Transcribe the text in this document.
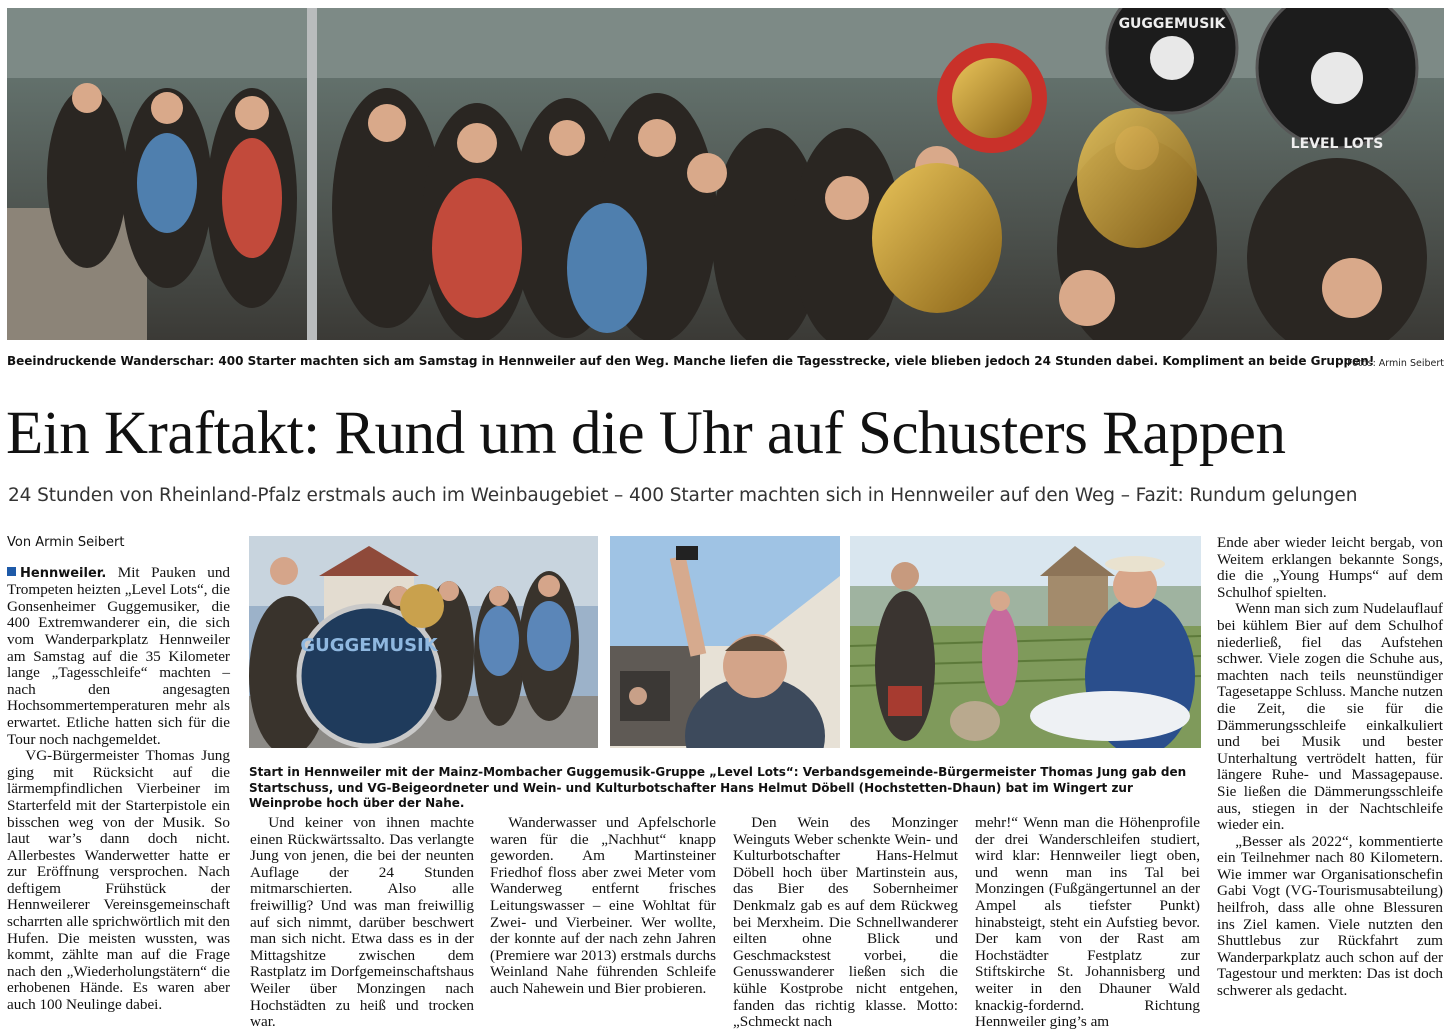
GUGGEMUSIK
LEVEL LOTS
Beeindruckende Wanderschar: 400 Starter machten sich am Samstag in Hennweiler auf den Weg. Manche liefen die Tagesstrecke, viele blieben jedoch 24 Stunden dabei. Kompliment an beide Gruppen!
Fotos: Armin Seibert
Ein Kraftakt: Rund um die Uhr auf Schusters Rappen
24 Stunden von Rheinland-Pfalz erstmals auch im Weinbaugebiet – 400 Starter machten sich in Hennweiler auf den Weg – Fazit: Rundum gelungen
Von Armin Seibert

Hennweiler. Mit Pauken und Trompeten heizten „Level Lots“, die Gonsenheimer Guggemusiker, die 400 Extremwanderer ein, die sich vom Wanderparkplatz Hennweiler am Samstag auf die 35 Kilometer lange „Tagesschleife“ machten – nach den angesagten Hochsommertemperaturen mehr als erwartet. Etliche hatten sich für die Tour noch nachgemeldet.

VG-Bürgermeister Thomas Jung ging mit Rücksicht auf die lärmempfindlichen Vierbeiner im Starterfeld mit der Starterpistole ein bisschen weg von der Musik. So laut war’s dann doch nicht. Allerbestes Wanderwetter hatte er zur Eröffnung versprochen. Nach deftigem Frühstück der Hennweilerer Vereinsgemeinschaft scharrten alle sprichwörtlich mit den Hufen. Die meisten wussten, was kommt, zählte man auf die Frage nach den „Wiederholungstätern“ die erhobenen Hände. Es waren aber auch 100 Neulinge dabei.

GUGGEMUSIK
Start in Hennweiler mit der Mainz-Mombacher Guggemusik-Gruppe „Level Lots“: Verbandsgemeinde-Bürgermeister Thomas Jung gab den Startschuss, und VG-Beigeordneter und Wein- und Kulturbotschafter Hans Helmut Döbell (Hochstetten-Dhaun) bat im Wingert zur Weinprobe hoch über der Nahe.

Und keiner von ihnen machte einen Rückwärtssalto. Das verlangte Jung von jenen, die bei der neunten Auflage der 24 Stunden mitmarschierten. Also alle freiwillig? Und was man freiwillig auf sich nimmt, darüber beschwert man sich nicht. Etwa dass es in der Mittagshitze zwischen dem Rastplatz im Dorfgemeinschaftshaus Weiler über Monzingen nach Hochstädten zu heiß und trocken war.

Wanderwasser und Apfelschorle waren für die „Nachhut“ knapp geworden. Am Martinsteiner Friedhof floss aber zwei Meter vom Wanderweg entfernt frisches Leitungswasser – eine Wohltat für Zwei- und Vierbeiner. Wer wollte, der konnte auf der nach zehn Jahren (Premiere war 2013) erstmals durchs Weinland Nahe führenden Schleife auch Nahewein und Bier probieren.

Den Wein des Monzinger Weinguts Weber schenkte Wein- und Kulturbotschafter Hans-Helmut Döbell hoch über Martinstein aus, das Bier des Sobernheimer Denkmalz gab es auf dem Rückweg bei Merxheim. Die Schnellwanderer eilten ohne Blick und Geschmackstest vorbei, die Genusswanderer ließen sich die kühle Kostprobe nicht entgehen, fanden das richtig klasse. Motto: „Schmeckt nach

mehr!“ Wenn man die Höhenprofile der drei Wanderschleifen studiert, wird klar: Hennweiler liegt oben, und wenn man ins Tal bei Monzingen (Fußgängertunnel an der Ampel als tiefster Punkt) hinabsteigt, steht ein Aufstieg bevor. Der kam von der Rast am Hochstädter Festplatz zur Stiftskirche St. Johannisberg und weiter in den Dhauner Wald knackig-fordernd. Richtung Hennweiler ging’s am

Ende aber wieder leicht bergab, von Weitem erklangen bekannte Songs, die die „Young Humps“ auf dem Schulhof spielten.

Wenn man sich zum Nudelauflauf bei kühlem Bier auf dem Schulhof niederließ, fiel das Aufstehen schwer. Viele zogen die Schuhe aus, machten nach teils neunstündiger Tagesetappe Schluss. Manche nutzen die Zeit, die sie für die Dämmerungsschleife einkalkuliert und bei Musik und bester Unterhaltung vertrödelt hatten, für längere Ruhe- und Massagepause. Sie ließen die Dämmerungsschleife aus, stiegen in der Nachtschleife wieder ein.

„Besser als 2022“, kommentierte ein Teilnehmer nach 80 Kilometern. Wie immer war Organisationschefin Gabi Vogt (VG-Tourismusabteilung) heilfroh, dass alle ohne Blessuren ins Ziel kamen. Viele nutzten den Shuttlebus zur Rückfahrt zum Wanderparkplatz auch schon auf der Tagestour und merkten: Das ist doch schwerer als gedacht.
